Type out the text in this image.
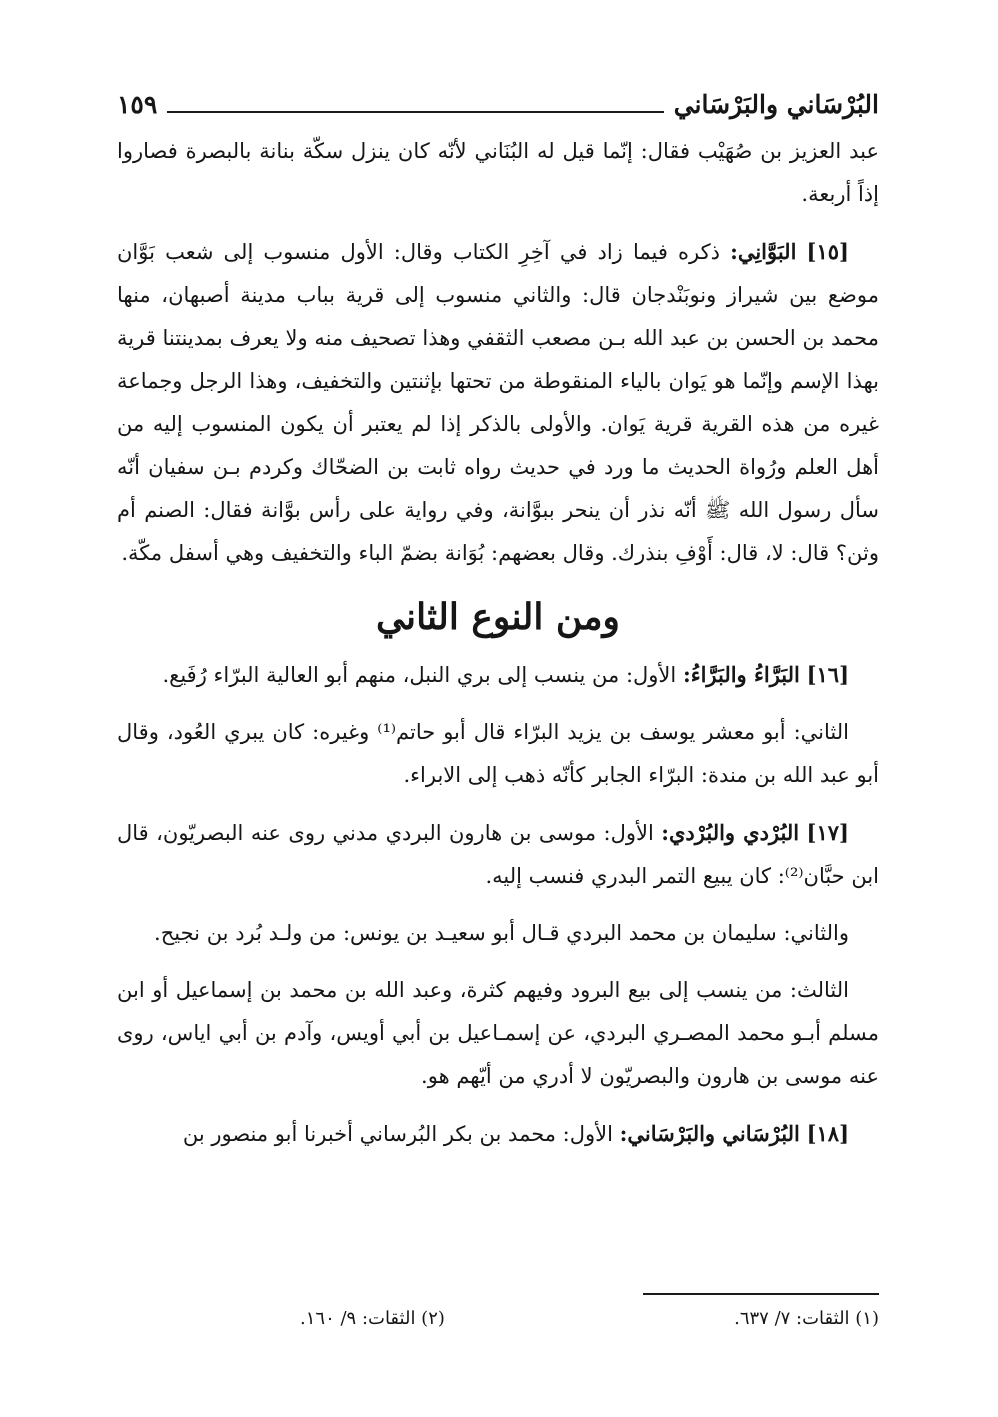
البُرْسَاني والبَرْسَاني
١٥٩

عبد العزيز بن صُهَيْب فقال: إنّما قيل له البُنَاني لأنّه كان ينزل سكّة بنانة بالبصرة فصاروا إذاً أربعة.

[١٥] البَوَّانِي: ذكره فيما زاد في آخِرِ الكتاب وقال: الأول منسوب إلى شعب بَوَّان موضع بين شيراز ونوبَنْدجان قال: والثاني منسوب إلى قرية بباب مدينة أصبهان، منها محمد بن الحسن بن عبد الله بـن مصعب الثقفي وهذا تصحيف منه ولا يعرف بمدينتنا قرية بهذا الإسم وإنّما هو يَوان بالياء المنقوطة من تحتها بإثنتين والتخفيف، وهذا الرجل وجماعة غيره من هذه القرية قرية يَوان. والأولى بالذكر إذا لم يعتبر أن يكون المنسوب إليه من أهل العلم ورُواة الحديث ما ورد في حديث رواه ثابت بن الضحّاك وكردم بـن سفيان أنّه سأل رسول الله ﷺ أنّه نذر أن ينحر ببوَّانة، وفي رواية على رأس بوَّانة فقال: الصنم أم وثن؟ قال: لا، قال: أَوْفِ بنذرك. وقال بعضهم: بُوَانة بضمّ الباء والتخفيف وهي أسفل مكّة.

ومن النوع الثاني

[١٦] البَرَّاءُ والبَرَّاءُ: الأول: من ينسب إلى بري النبل، منهم أبو العالية البرّاء رُفَيع.

الثاني: أبو معشر يوسف بن يزيد البرّاء قال أبو حاتم⁽¹⁾ وغيره: كان يبري العُود، وقال أبو عبد الله بن مندة: البرّاء الجابر كأنّه ذهب إلى الابراء.

[١٧] البُرْدي والبُرْدي: الأول: موسى بن هارون البردي مدني روى عنه البصريّون، قال ابن حبَّان⁽²⁾: كان يبيع التمر البدري فنسب إليه.

والثاني: سليمان بن محمد البردي قـال أبو سعيـد بن يونس: من ولـد بُرد بن نجيح.

الثالث: من ينسب إلى بيع البرود وفيهم كثرة، وعبد الله بن محمد بن إسماعيل أو ابن مسلم أبـو محمد المصـري البردي، عن إسمـاعيل بن أبي أويس، وآدم بن أبي اياس، روى عنه موسى بن هارون والبصريّون لا أدري من أيّهم هو.

[١٨] البُرْسَاني والبَرْسَاني: الأول: محمد بن بكر البُرساني أخبرنا أبو منصور بن

(١) الثقات: ٧/ ٦٣٧.
(٢) الثقات: ٩/ ١٦٠.
